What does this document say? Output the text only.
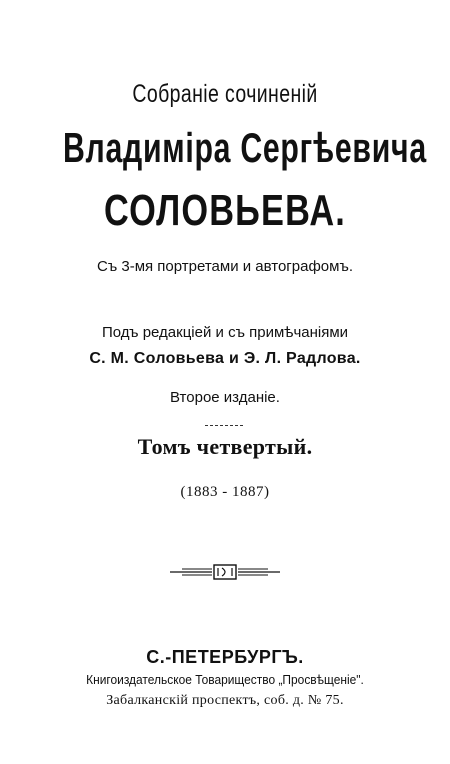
Собраніе сочиненій

Владиміра Сергѣевича

СОЛОВЬЕВА.

Съ 3-мя портретами и автографомъ.

Подъ редакціей и съ примѣчаніями

С. М. Соловьева и Э. Л. Радлова.

Второе изданіе.

Томъ четвертый.

(1883 - 1887)

С.-ПЕТЕРБУРГЪ.

Книгоиздательское Товарищество „Просвѣщеніе".

Забалканскій проспектъ, соб. д. № 75.
